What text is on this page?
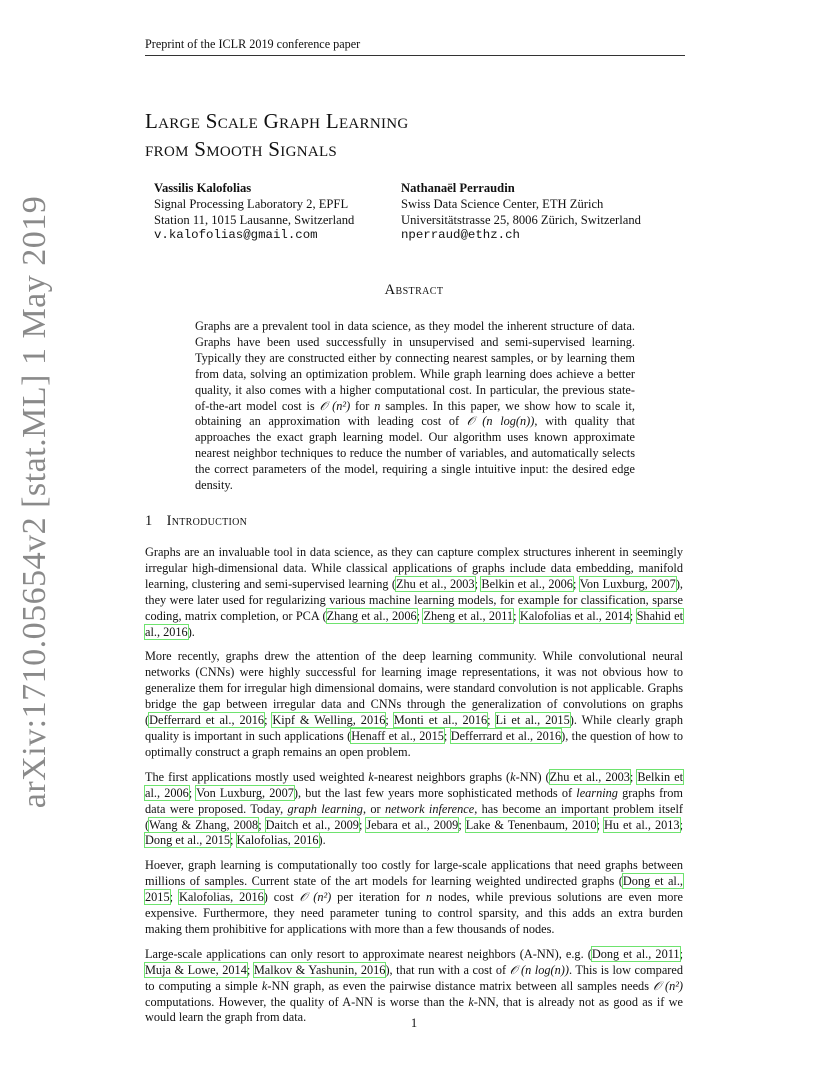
Preprint of the ICLR 2019 conference paper
arXiv:1710.05654v2 [stat.ML] 1 May 2019
Large Scale Graph Learning
from Smooth Signals
Vassilis Kalofolias
Signal Processing Laboratory 2, EPFL
Station 11, 1015 Lausanne, Switzerland
v.kalofolias@gmail.com
Nathanaël Perraudin
Swiss Data Science Center, ETH Zürich
Universitätstrasse 25, 8006 Zürich, Switzerland
nperraud@ethz.ch
Abstract
Graphs are a prevalent tool in data science, as they model the inherent structure of data. Graphs have been used successfully in unsupervised and semi-supervised learning. Typically they are constructed either by connecting nearest samples, or by learning them from data, solving an optimization problem. While graph learning does achieve a better quality, it also comes with a higher computational cost. In particular, the previous state-of-the-art model cost is 𝒪 (n²) for n samples. In this paper, we show how to scale it, obtaining an approximation with leading cost of 𝒪 (n log(n)), with quality that approaches the exact graph learning model. Our algorithm uses known approximate nearest neighbor techniques to reduce the number of variables, and automatically selects the correct parameters of the model, requiring a single intuitive input: the desired edge density.
1 Introduction

Graphs are an invaluable tool in data science, as they can capture complex structures inherent in seemingly irregular high-dimensional data. While classical applications of graphs include data embedding, manifold learning, clustering and semi-supervised learning (Zhu et al., 2003; Belkin et al., 2006; Von Luxburg, 2007), they were later used for regularizing various machine learning models, for example for classification, sparse coding, matrix completion, or PCA (Zhang et al., 2006; Zheng et al., 2011; Kalofolias et al., 2014; Shahid et al., 2016).

More recently, graphs drew the attention of the deep learning community. While convolutional neural networks (CNNs) were highly successful for learning image representations, it was not obvious how to generalize them for irregular high dimensional domains, were standard convolution is not applicable. Graphs bridge the gap between irregular data and CNNs through the generalization of convolutions on graphs (Defferrard et al., 2016; Kipf & Welling, 2016; Monti et al., 2016; Li et al., 2015). While clearly graph quality is important in such applications (Henaff et al., 2015; Defferrard et al., 2016), the question of how to optimally construct a graph remains an open problem.

The first applications mostly used weighted k-nearest neighbors graphs (k-NN) (Zhu et al., 2003; Belkin et al., 2006; Von Luxburg, 2007), but the last few years more sophisticated methods of learning graphs from data were proposed. Today, graph learning, or network inference, has become an important problem itself (Wang & Zhang, 2008; Daitch et al., 2009; Jebara et al., 2009; Lake & Tenenbaum, 2010; Hu et al., 2013; Dong et al., 2015; Kalofolias, 2016).

Hoever, graph learning is computationally too costly for large-scale applications that need graphs between millions of samples. Current state of the art models for learning weighted undirected graphs (Dong et al., 2015; Kalofolias, 2016) cost 𝒪 (n²) per iteration for n nodes, while previous solutions are even more expensive. Furthermore, they need parameter tuning to control sparsity, and this adds an extra burden making them prohibitive for applications with more than a few thousands of nodes.

Large-scale applications can only resort to approximate nearest neighbors (A-NN), e.g. (Dong et al., 2011; Muja & Lowe, 2014; Malkov & Yashunin, 2016), that run with a cost of 𝒪 (n log(n)). This is low compared to computing a simple k-NN graph, as even the pairwise distance matrix between all samples needs 𝒪 (n²) computations. However, the quality of A-NN is worse than the k-NN, that is already not as good as if we would learn the graph from data.	1
